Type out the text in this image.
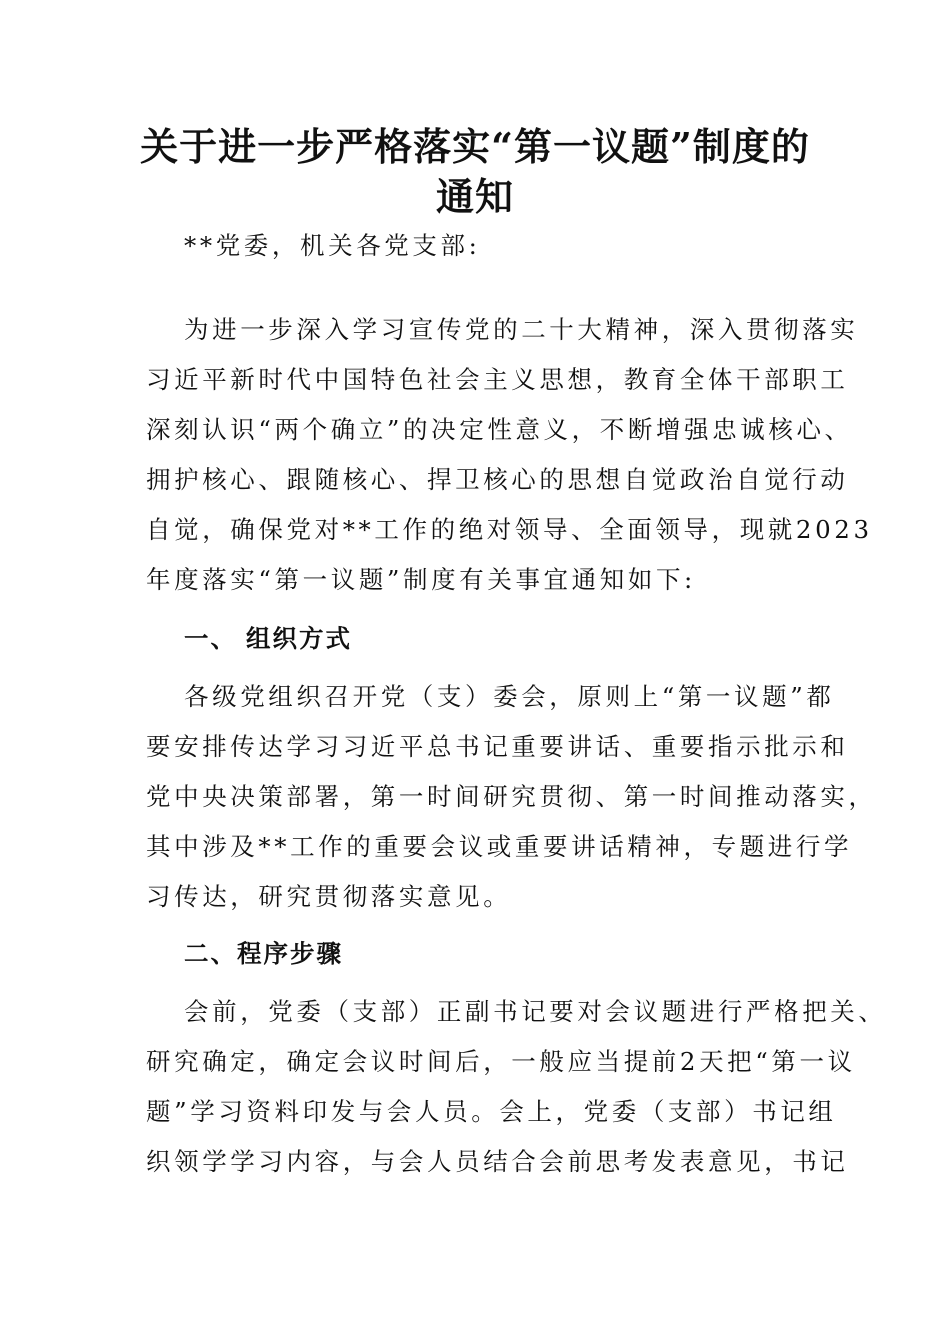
关于进一步严格落实“第一议题”制度的
通知
**党委，机关各党支部:
为进一步深入学习宣传党的二十大精神，深入贯彻落实
习近平新时代中国特色社会主义思想，教育全体干部职工
深刻认识“两个确立”的决定性意义，不断增强忠诚核心、
拥护核心、跟随核心、捍卫核心的思想自觉政治自觉行动
自觉，确保党对**工作的绝对领导、全面领导，现就2023
年度落实“第一议题”制度有关事宜通知如下:
一、 组织方式
各级党组织召开党（支）委会，原则上“第一议题”都
要安排传达学习习近平总书记重要讲话、重要指示批示和
党中央决策部署，第一时间研究贯彻、第一时间推动落实，
其中涉及**工作的重要会议或重要讲话精神，专题进行学
习传达，研究贯彻落实意见。
二、程序步骤
会前，党委（支部）正副书记要对会议题进行严格把关、
研究确定，确定会议时间后，一般应当提前2天把“第一议
题”学习资料印发与会人员。会上，党委（支部）书记组
织领学学习内容，与会人员结合会前思考发表意见，书记
